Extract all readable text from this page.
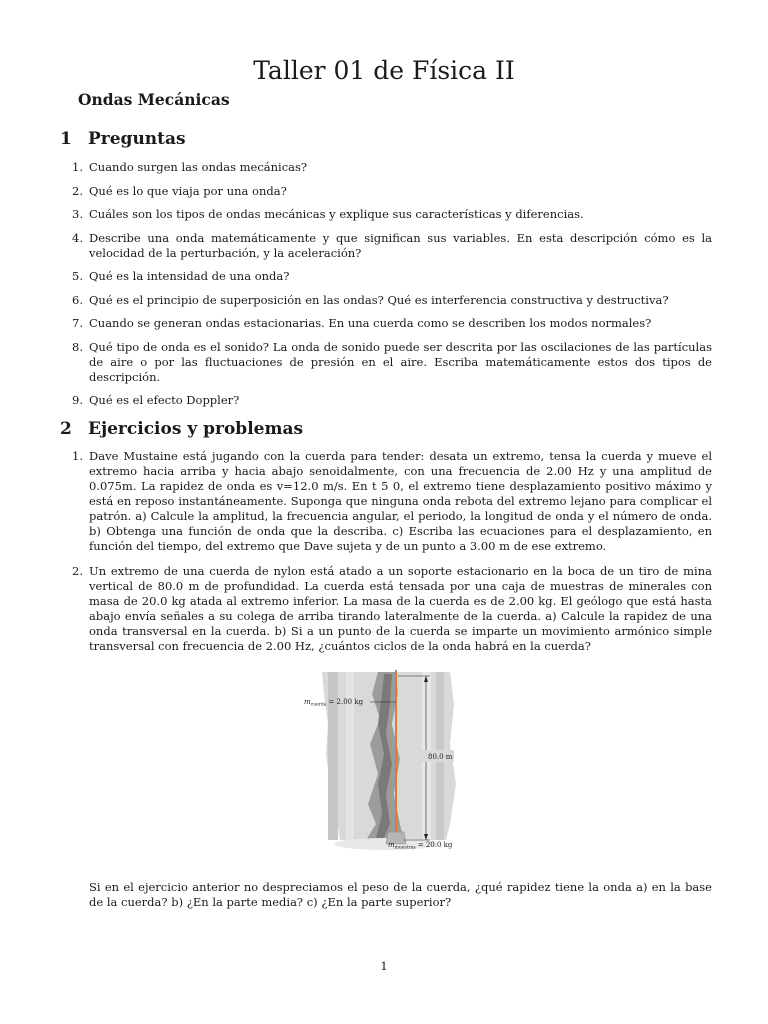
Taller 01 de Física II
Ondas Mecánicas
1 Preguntas
1. Cuando surgen las ondas mecánicas?
2. Qué es lo que viaja por una onda?
3. Cuáles son los tipos de ondas mecánicas y explique sus características y diferencias.
4. Describe una onda matemáticamente y que significan sus variables. En esta descripción cómo es la velocidad de la perturbación, y la aceleración?
5. Qué es la intensidad de una onda?
6. Qué es el principio de superposición en las ondas? Qué es interferencia constructiva y destructiva?
7. Cuando se generan ondas estacionarias. En una cuerda como se describen los modos normales?
8. Qué tipo de onda es el sonido? La onda de sonido puede ser descrita por las oscilaciones de las partículas de aire o por las fluctuaciones de presión en el aire. Escriba matemáticamente estos dos tipos de descripción.
9. Qué es el efecto Doppler?
2 Ejercicios y problemas
1. Dave Mustaine está jugando con la cuerda para tender: desata un extremo, tensa la cuerda y mueve el extremo hacia arriba y hacia abajo senoidalmente, con una frecuencia de 2.00 Hz y una amplitud de 0.075m. La rapidez de onda es v=12.0 m/s. En t 5 0, el extremo tiene desplazamiento positivo máximo y está en reposo instantáneamente. Suponga que ninguna onda rebota del extremo lejano para complicar el patrón. a) Calcule la amplitud, la frecuencia angular, el periodo, la longitud de onda y el número de onda. b) Obtenga una función de onda que la describa. c) Escriba las ecuaciones para el desplazamiento, en función del tiempo, del extremo que Dave sujeta y de un punto a 3.00 m de ese extremo.
2. Un extremo de una cuerda de nylon está atado a un soporte estacionario en la boca de un tiro de mina vertical de 80.0 m de profundidad. La cuerda está tensada por una caja de muestras de minerales con masa de 20.0 kg atada al extremo inferior. La masa de la cuerda es de 2.00 kg. El geólogo que está hasta abajo envía señales a su colega de arriba tirando lateralmente de la cuerda. a) Calcule la rapidez de una onda transversal en la cuerda. b) Si a un punto de la cuerda se imparte un movimiento armónico simple transversal con frecuencia de 2.00 Hz, ¿cuántos ciclos de la onda habrá en la cuerda?
80.0 m
$m_{cuerda} = 2.00$ kg
$m_{muestras} = 20.0$ kg

Si en el ejercicio anterior no despreciamos el peso de la cuerda, ¿qué rapidez tiene la onda a) en la base de la cuerda? b) ¿En la parte media? c) ¿En la parte superior?

1
